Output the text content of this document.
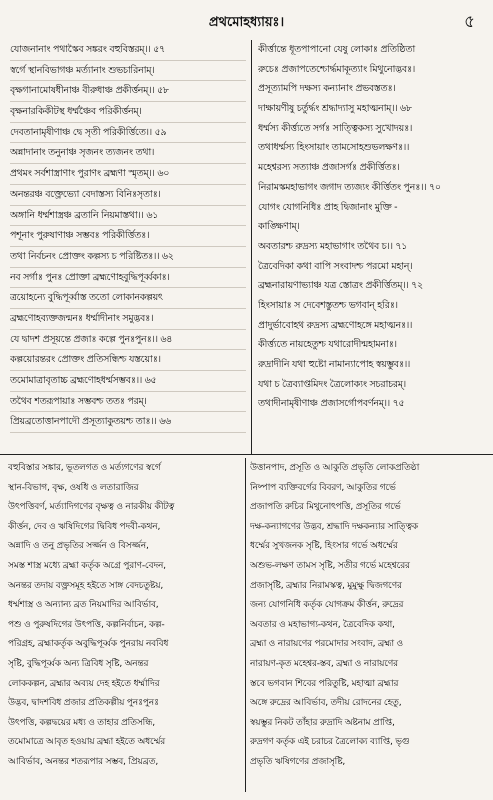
প্রথমোহধ্যায়ঃ।	৫
যোজনানাং পথাস্কৈব সঙ্করং বহুবিস্তরম্‌।। ৫৭
স্বর্গে স্থানবিভাগঞ্চ মর্ত্যানাং শুভচারিনাম্‌।
বৃক্ষগানামোষধীনাঞ্চ বীরুধাঞ্চ প্রকীর্ত্তনম্‌।। ৫৮
বৃক্ষনারকিকীটস্থ ধর্ম্মঞ্চৈব পরিকীর্ত্তনম্‌।
দেবতানামৃষীণাঞ্চ দ্বে সৃতী পরিকীর্ত্তিতে।। ৫৯
অন্নাদানাং তনুনাঞ্চ সৃজনং ত্যজনং তথা।
প্রথমং সর্বশাস্ত্রাণাং পুরাণং ব্রহ্মণা স্মৃতম্‌।। ৬০
অনন্তরঞ্চ বক্ত্রেভ্যো বেদাস্তস্য বিনিঃসৃতাঃ।
অঙ্গানি ধর্ম্মশাস্ত্রঞ্চ ব্রতানি নিয়মাস্তথা।। ৬১
পশূনাং পুরুষাণাঞ্চ সম্ভবঃ পরিকীর্ত্তিতঃ।
তথা নির্বচনং প্রোক্তং কল্পস্য চ পরিষ্টিতঃ।। ৬২
নব সর্গাঃ পুনঃ প্রোক্তা ব্রহ্মণোহবুদ্ধিপূর্ব্বকাঃ।
ত্রয়োহন্যে বুদ্ধিপূর্ব্বাস্ত ততো লোকানকল্পয়ৎ
ব্রহ্মণোহব্যক্তজন্মনঃ ধর্ম্মাদীনাং সমুদ্ভবঃ।
যে দ্বাদশ প্রসূয়ন্তে প্রজাঃ কল্পে পুনঃপুনঃ।। ৬৪
কল্পয়োরন্তরং প্রোক্তং প্রতিসন্ধিশ্চ যস্তয়োঃ।
তমোমাত্রাবৃতাচ্চ ব্রহ্মণোহধর্ম্মসম্ভবঃ।। ৬৫
তথৈব শতরূপায়াঃ সম্ভবশ্চ ততঃ পরম্‌।
প্রিয়ব্রতোত্তানপাদৌ প্রসূত্যাকুতয়শ্চ তাঃ।। ৬৬
কীর্ত্তান্তে ধূতপাপানো যেষু লোকাঃ প্রতিষ্ঠিতা
রুচেঃ প্রজাপতেশ্চোর্দ্ধমাকূত্যাং মিথুনোদ্ভবঃ।
প্রসূত্যামপি দক্ষস্য কন্যানাং প্রভবস্ততঃ।
দাক্ষায়ণীষু চর্তুর্দ্ধং শ্রদ্ধাদ্যাসু মহাত্মনাম্‌।। ৬৮
ধর্ম্মস্য কীর্ত্ত্যতে সর্গঃ সাত্ত্বিকস্য সুখোদয়ঃ।
তথাধর্ম্মস্য হিংসায়াং তামসোহশুভলক্ষণঃ।।
মহেশ্বরস্য সত্যাঞ্চ প্রজাসর্গঃ প্রকীর্ত্তিতঃ।
নিরামস্কমহাভাগং জগাদ ত্যজ্যং কীর্ত্তিতং পুনঃ।। ৭০
যোগং যোগনিধিঃ প্রাহ দ্বিজানাং মুক্তি -
কাঙ্ক্ষিণাম্‌।
অবতারশ্চ রুদ্রস্য মহাভাগাং তথৈব চ।। ৭১
ত্রৈবেদিকা কথা বাপি সংবাদশ্চ পরমো মহান্‌।
ব্রহ্মনারায়ণাভ্যাঞ্চ যত্র স্তোত্রং প্রকীর্ত্তিতম্‌।। ৭২
হিংসায়াঃ স দেবেশস্তুতশ্চ ভগবান্‌ হরিঃ।
প্রাদুর্ভাবোহথ রুদ্রস্য ব্রহ্মণোহঙ্গে মহাত্মনঃ।।
কীর্ত্ত্যতে নায়হেতুশ্চ যথারোদীন্মহামনাঃ।
রুদ্রাদীনি যথা হুষ্টো নামান্যাপোহ স্বয়ম্ভুবঃ।।
যথা চ ত্রৈব্যাপ্তমিদং ত্রৈলোক্যং সচরাচরম্‌।
তথাদীনামৃষীণাঞ্চ প্রজাসর্গোপবর্ণনম্‌।। ৭৫
বহুবিস্তার সঙ্কার, ভূতলগত ও মর্ত্যগণের স্বর্গে
স্থান-বিভাগ, বৃক্ষ, ওষধি ও লতারাজির
উৎপত্তিবর্ণ, মর্ত্যাদিগণের বৃক্ষত্ব ও নারকীয় কীটত্ব
কীর্ত্তন, দেব ও ঋষিদিগের দ্বিবিধ পদবী-কথন,
অন্নাদি ও তনু প্রভৃতির সর্জ্জন ও বিসর্জ্জন,
সমস্ত শাস্ত্র মধ্যে ব্রহ্মা কর্তৃক অগ্রে পুরাণ-বেদন,
অনন্তর তদায় বক্ত্রসমূহ হইতে সাঙ্গ বেদচতুষ্টয়,
ধর্ম্মশাস্ত্র ও অন্যান্য ব্রত নিয়মাদির আবির্ভাব,
পশু ও পুরুষদিগের উৎপত্তি, কল্পনির্বাচন, কল্প-
পরিগ্রহ, ব্রহ্মাকর্তৃক অবুদ্ধিপূর্ব্বক পুনরায় নববিধ
সৃষ্টি, বুদ্ধিপূর্ব্বক অন্য ত্রিবিধ সৃষ্টি, অনন্তর
লোককল্পন, ব্রহ্মার অব্যয় দেহ হইতে ধর্ম্মাদির
উদ্ভব, দ্বাদশবিধ প্রজার প্রতিকল্পীয় পুনঃপুনঃ
উৎপত্তি, কল্পদ্বয়ের মধ্য ও তাহার প্রতিসন্ধি,
তমোমাত্রে আবৃত হওয়ায় ব্রহ্মা হইতে অধর্ম্মের
আবির্ভাব, অনন্তর শতরূপার সম্ভব, প্রিয়ব্রত,
উত্তানপাদ, প্রসূতি ও আকুতি প্রভৃতি লোকপ্রতিষ্ঠা
নিষ্পাপ ব্যক্তিবর্গের বিবরণ, আকুতির গর্ভে
প্রজাপতি রুচির মিথুনোৎপত্তি, প্রসূতির গর্ভে
দক্ষ-কন্যাগণের উদ্ভব, শ্রদ্ধাদি দক্ষকন্যার সাত্ত্বিক
ধর্ম্মের সুখজনক সৃষ্টি, হিংসার গর্ভে অধর্ম্মের
অশুভ-লক্ষণ তামস সৃষ্টি, সতীর গর্ভে মহেশ্বরের
প্রজাসৃষ্টি, ব্রহ্মার নিরামস্কত্ব, মুমুক্ষু দ্বিজগণের
জন্য যোগনিধি কর্তৃক যোগক্রম কীর্ত্তন, রুদ্রের
অবতার ও মহাভাগ্য-কথন, ত্রৈবেদিক কথা,
ব্রহ্মা ও নারায়ণের পরমোদার সংবাদ, ব্রহ্মা ও
নারায়ণ-কৃত মহেশ্বর-স্তব, ব্রহ্মা ও নারায়ণের
স্তবে ভগবান শিবের পরিতুষ্টি, মহাত্মা ব্রহ্মার
অঙ্গে রুদ্রের আবির্ভাব, তদীয় রোদনের হেতু,
স্বয়ম্ভুর নিকট তাঁহার রুদ্রাদি অষ্টনাম প্রাপ্তি,
রুদ্রগণ কর্তৃক এই চরাচর ত্রৈলোক্য ব্যাপ্তি, ভৃগু
প্রভৃতি ঋষিগণের প্রজাসৃষ্টি,
